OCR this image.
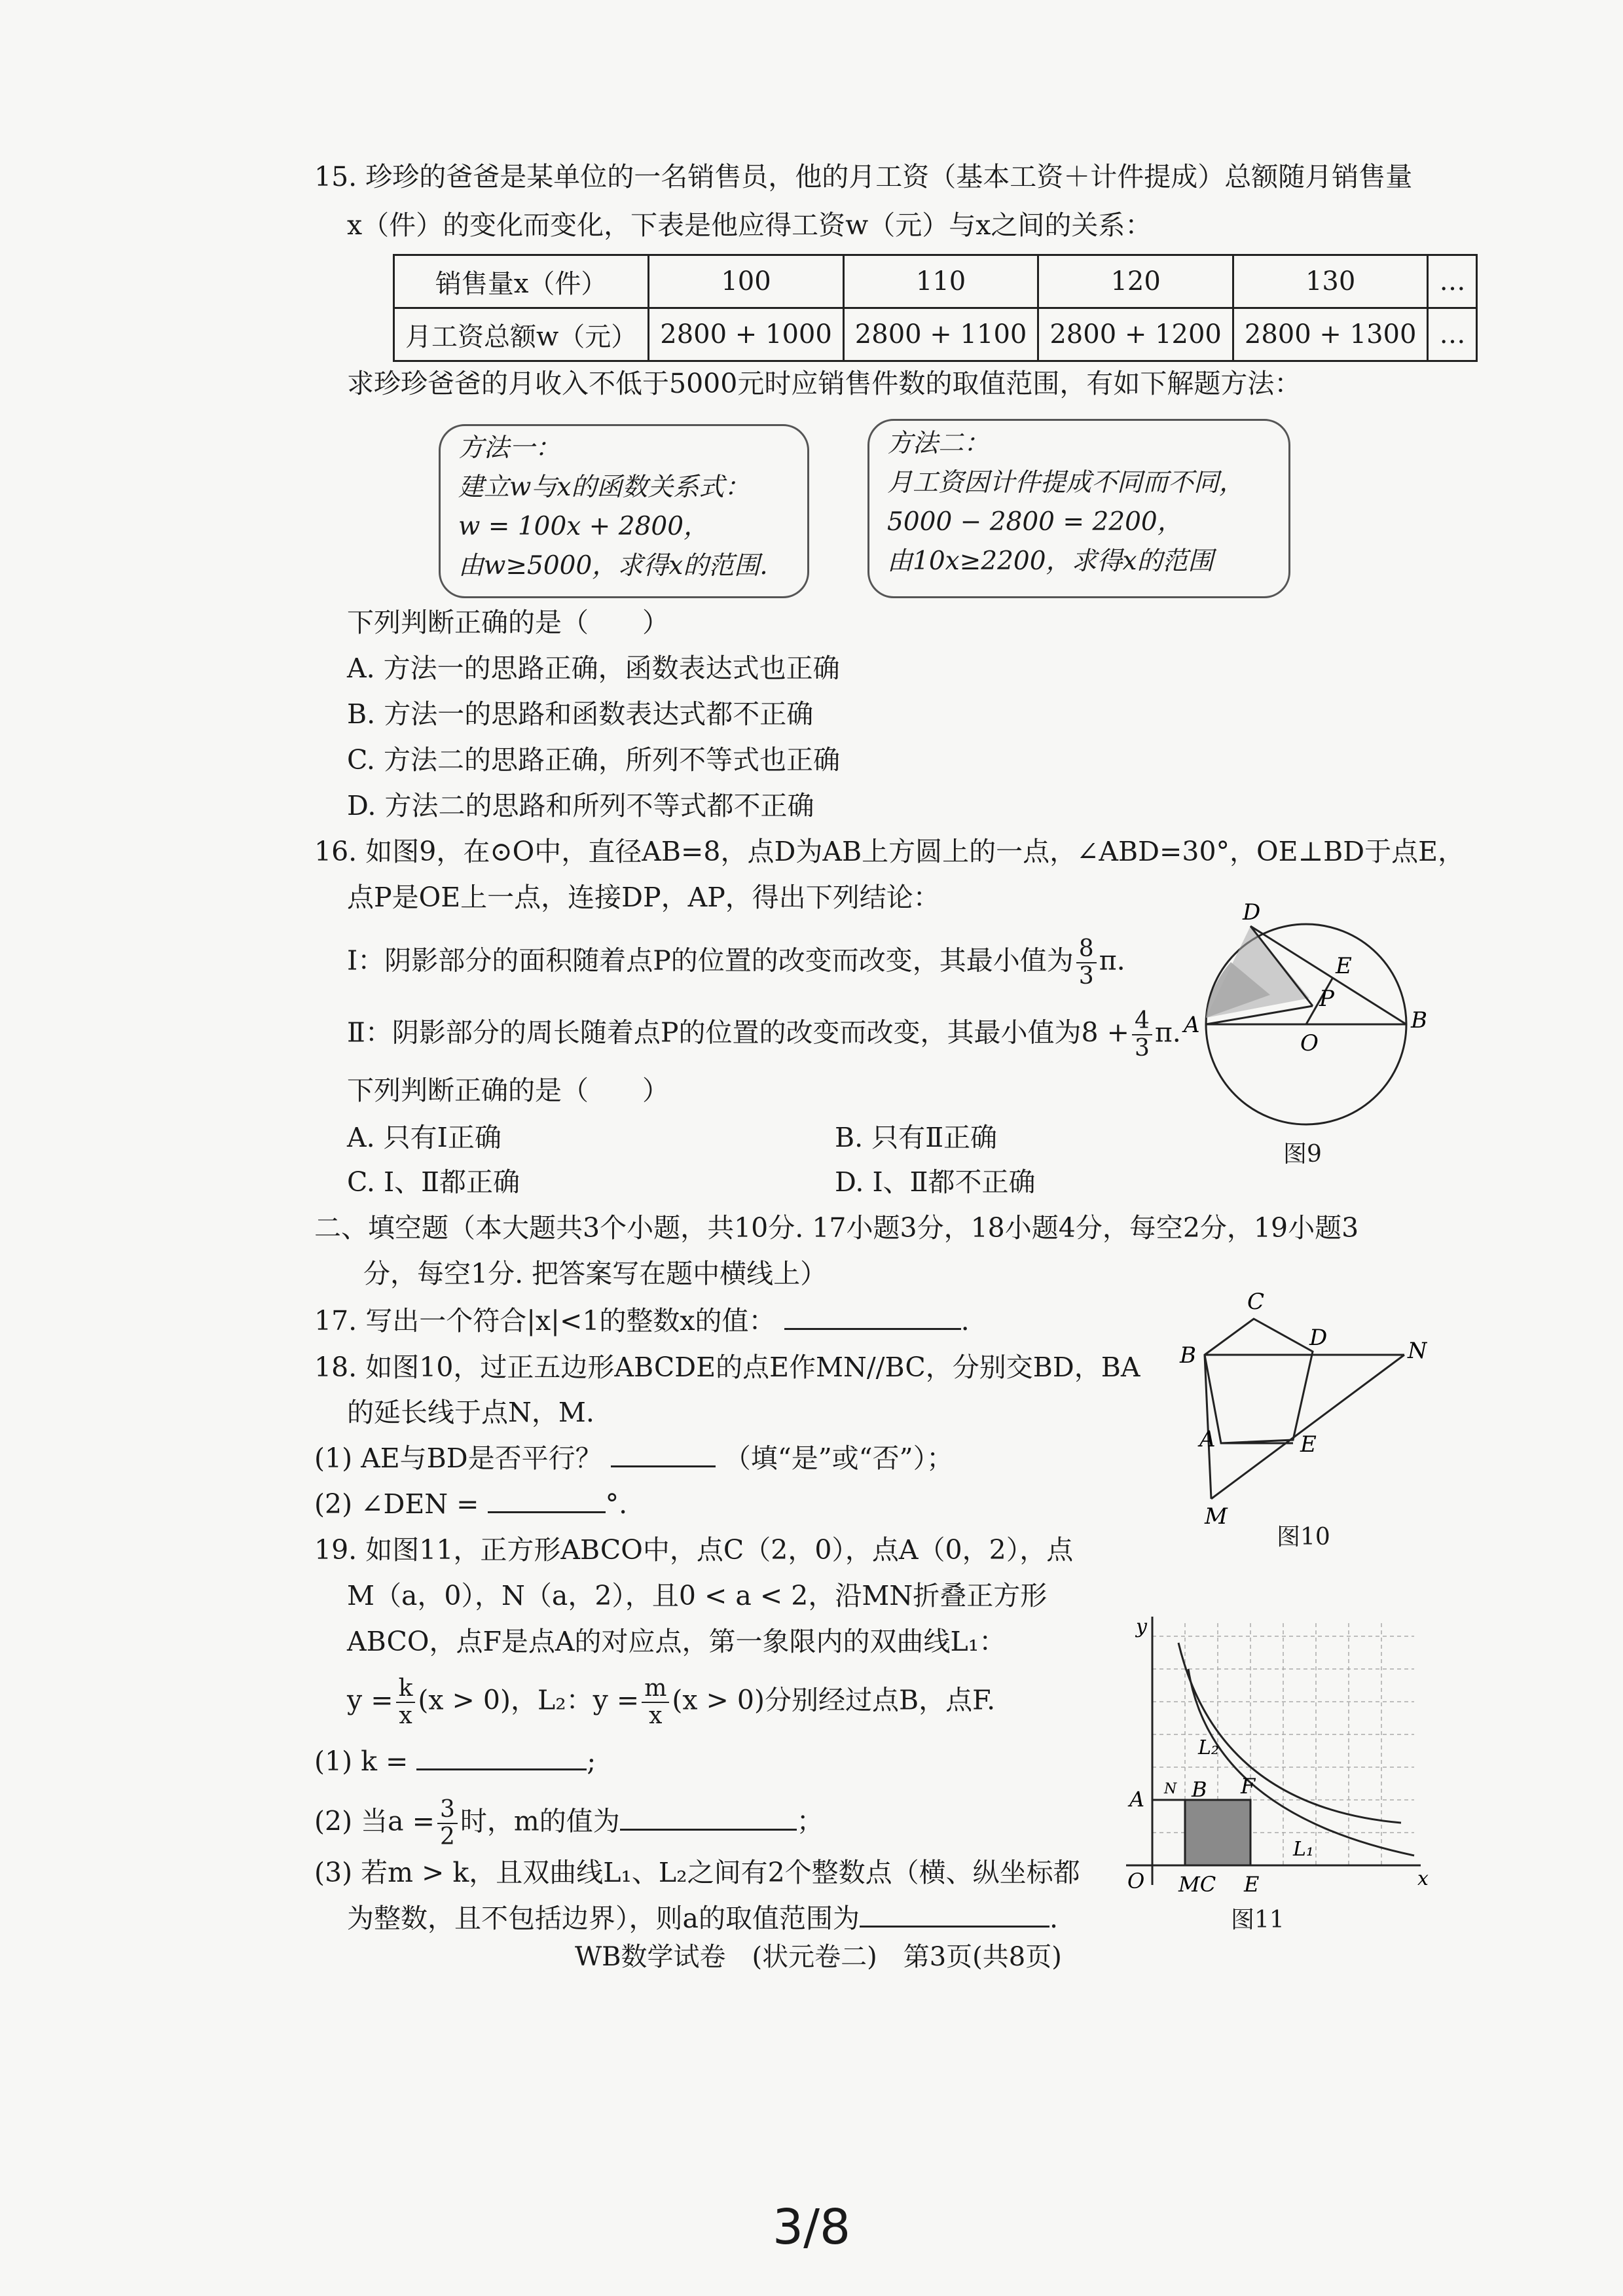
15. 珍珍的爸爸是某单位的一名销售员，他的月工资（基本工资＋计件提成）总额随月销售量
x（件）的变化而变化，下表是他应得工资w（元）与x之间的关系：
销售量x（件）	100	110	120	130	…
月工资总额w（元）	2800 + 1000	2800 + 1100	2800 + 1200	2800 + 1300	…
求珍珍爸爸的月收入不低于5000元时应销售件数的取值范围，有如下解题方法：
方法一：
建立w与x的函数关系式：
w = 100x + 2800，
由w≥5000，求得x的范围.
方法二：
月工资因计件提成不同而不同，
5000 − 2800 = 2200，
由10x≥2200，求得x的范围
下列判断正确的是（　　）
A. 方法一的思路正确，函数表达式也正确
B. 方法一的思路和函数表达式都不正确
C. 方法二的思路正确，所列不等式也正确
D. 方法二的思路和所列不等式都不正确
16. 如图9，在⊙O中，直径AB=8，点D为AB上方圆上的一点，∠ABD=30°，OE⊥BD于点E，
点P是OE上一点，连接DP，AP，得出下列结论：
Ⅰ：阴影部分的面积随着点P的位置的改变而改变，其最小值为 $\frac{8}{3} \pi$.
Ⅱ：阴影部分的周长随着点P的位置的改变而改变，其最小值为$8 + \frac{4}{3} \pi$.
下列判断正确的是（　　）
A. 只有Ⅰ正确	B. 只有Ⅱ正确
C. Ⅰ、Ⅱ都正确	D. Ⅰ、Ⅱ都不正确
D
E
P
A
O
B
图9
二、填空题（本大题共3个小题，共10分. 17小题3分，18小题4分，每空2分，19小题3
分，每空1分. 把答案写在题中横线上）
17. 写出一个符合|x|<1的整数x的值：	.
18. 如图10，过正五边形ABCDE的点E作MN//BC，分别交BD，BA
的延长线于点N，M.
(1) AE与BD是否平行？	（填“是”或“否”）；
(2) ∠DEN =	°.
C
B
D	N
A	E
M
图10
19. 如图11，正方形ABCO中，点C（2，0），点A（0，2），点
M（a，0），N（a，2），且0 < a < 2，沿MN折叠正方形
ABCO，点F是点A的对应点，第一象限内的双曲线L₁：
$y = \frac{k}{x} (x > 0)$，L₂：$y = \frac{m}{x} (x > 0)$分别经过点B，点F.
(1) k =	;
(2) 当$a = \frac{3}{2}$ 时，m的值为	；
(3) 若m > k，且双曲线L₁、L₂之间有2个整数点（横、纵坐标都
为整数，且不包括边界），则a的取值范围为	.
y
x
A
O MC E
N B F
L₂
L₁
图11
WB数学试卷　(状元卷二)　第3页(共8页)
3/8
